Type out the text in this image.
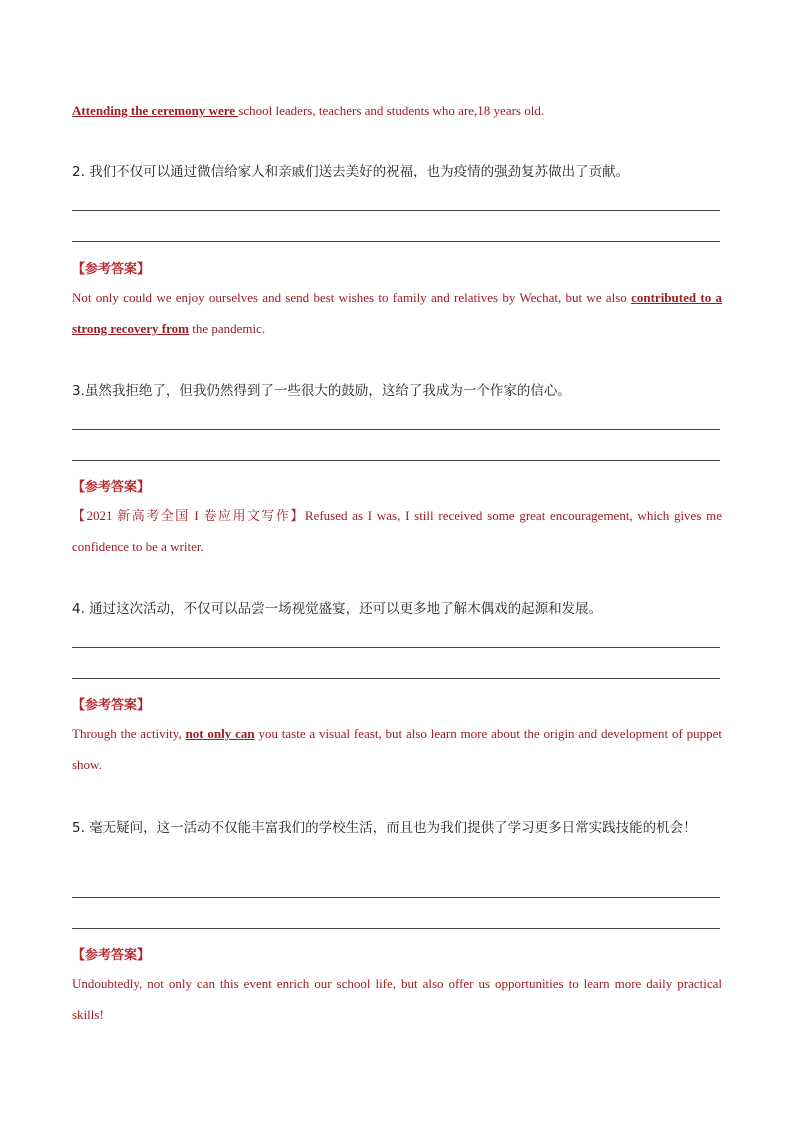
Attending the ceremony were school leaders, teachers and students who are,18 years old.
2. 我们不仅可以通过微信给家人和亲戚们送去美好的祝福，也为疫情的强劲复苏做出了贡献。
【参考答案】
Not only could we enjoy ourselves and send best wishes to family and relatives by Wechat, but we also contributed to a strong recovery from the pandemic.
3.虽然我拒绝了，但我仍然得到了一些很大的鼓励，这给了我成为一个作家的信心。
【参考答案】
【2021 新高考全国 I 卷应用文写作】Refused as I was, I still received some great encouragement, which gives me confidence to be a writer.
4. 通过这次活动，不仅可以品尝一场视觉盛宴，还可以更多地了解木偶戏的起源和发展。
【参考答案】
Through the activity, not only can you taste a visual feast, but also learn more about the origin and development of puppet show.
5. 毫无疑问，这一活动不仅能丰富我们的学校生活，而且也为我们提供了学习更多日常实践技能的机会！
【参考答案】
Undoubtedly, not only can this event enrich our school life, but also offer us opportunities to learn more daily practical skills!
